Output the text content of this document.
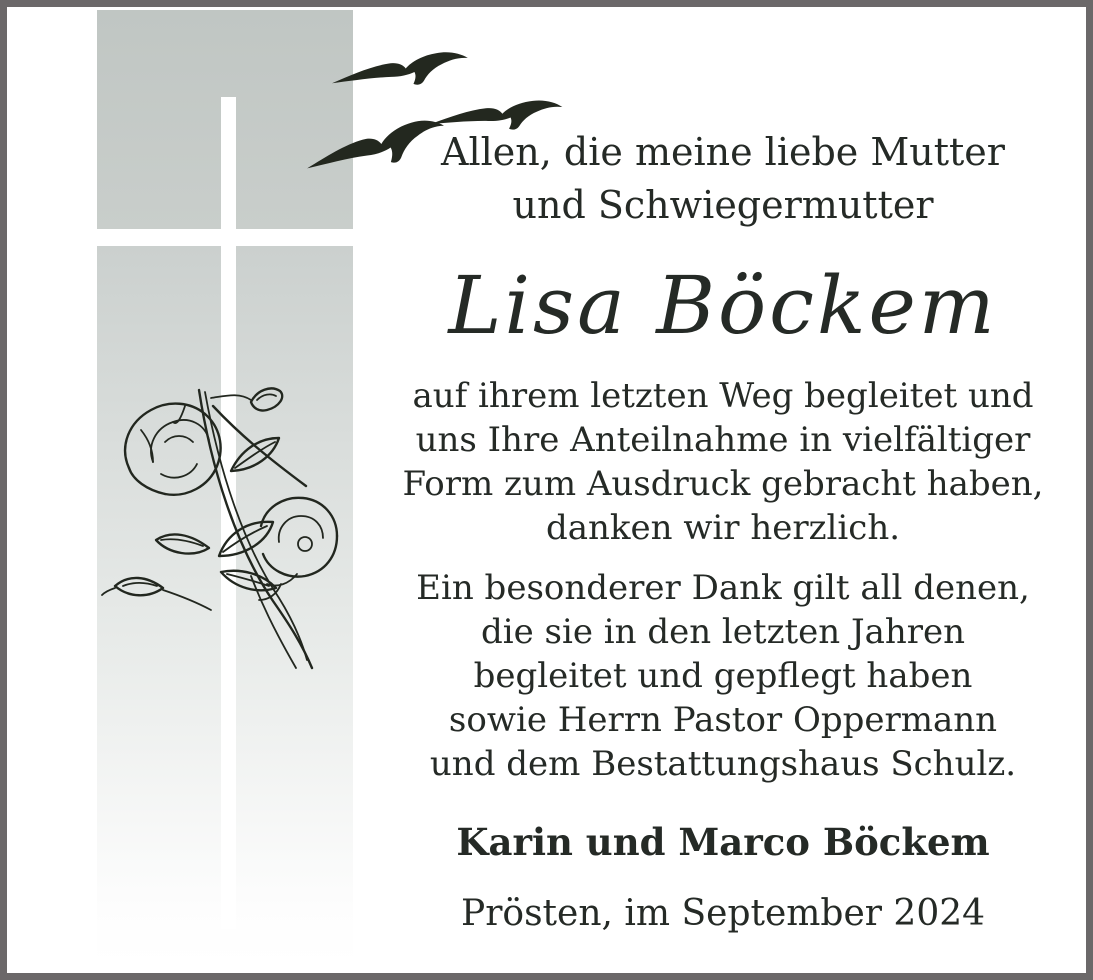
Allen, die meine liebe Mutter
und Schwiegermutter
Lisa Böckem
auf ihrem letzten Weg begleitet und
uns Ihre Anteilnahme in vielfältiger
Form zum Ausdruck gebracht haben,
danken wir herzlich.
Ein besonderer Dank gilt all denen,
die sie in den letzten Jahren
begleitet und gepflegt haben
sowie Herrn Pastor Oppermann
und dem Bestattungshaus Schulz.
Karin und Marco Böckem
Prösten, im September 2024
